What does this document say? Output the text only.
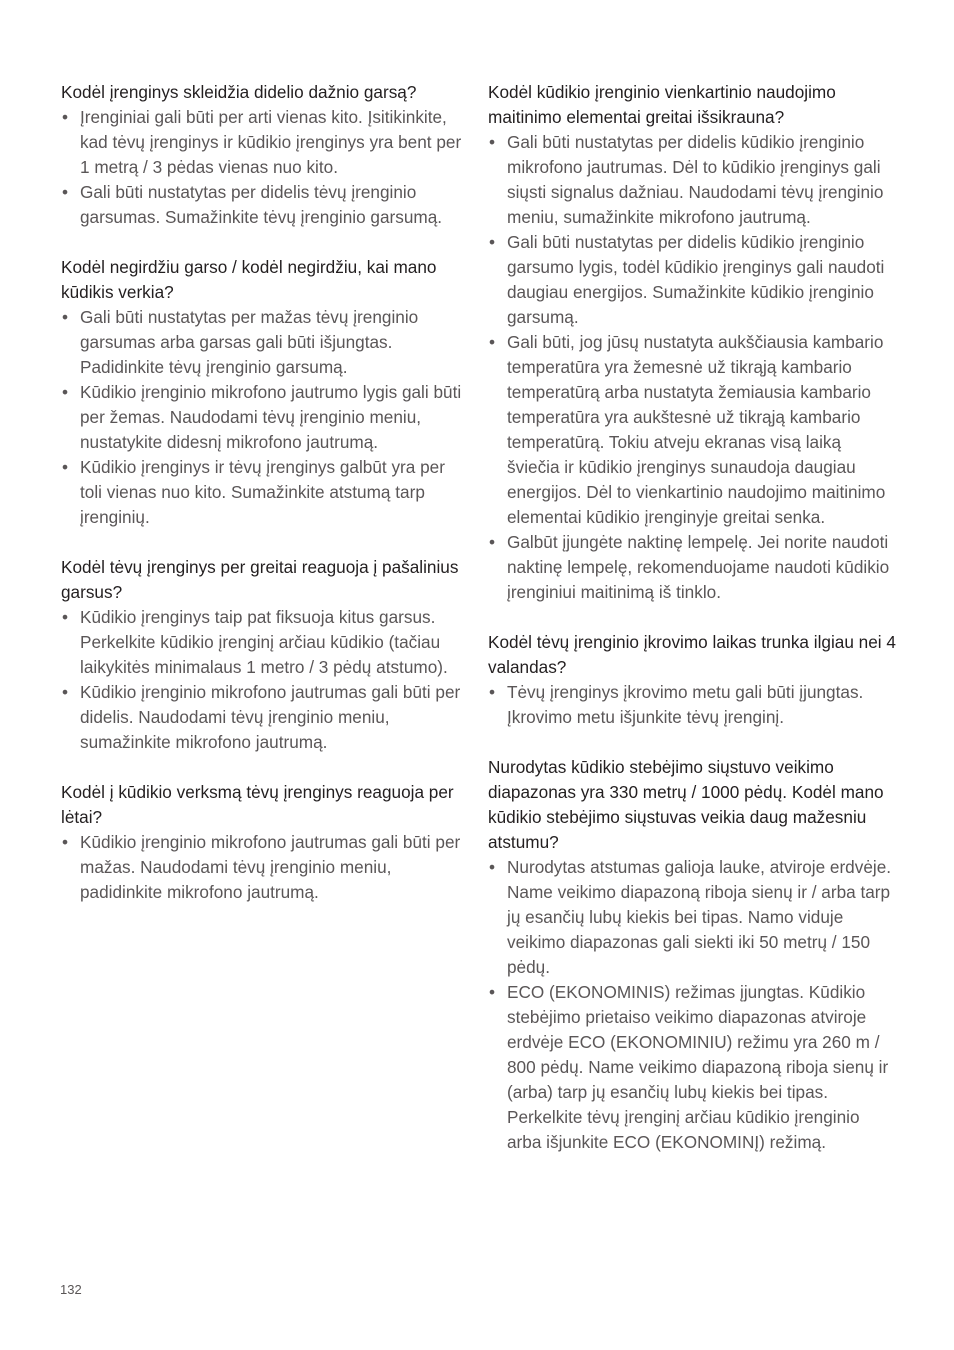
Kodėl įrenginys skleidžia didelio dažnio garsą?
• Įrenginiai gali būti per arti vienas kito. Įsitikinkite, kad tėvų įrenginys ir kūdikio įrenginys yra bent per 1 metrą / 3 pėdas vienas nuo kito.
• Gali būti nustatytas per didelis tėvų įrenginio garsumas. Sumažinkite tėvų įrenginio garsumą.
Kodėl negirdžiu garso / kodėl negirdžiu, kai mano kūdikis verkia?
• Gali būti nustatytas per mažas tėvų įrenginio garsumas arba garsas gali būti išjungtas. Padidinkite tėvų įrenginio garsumą.
• Kūdikio įrenginio mikrofono jautrumo lygis gali būti per žemas. Naudodami tėvų įrenginio meniu, nustatykite didesnį mikrofono jautrumą.
• Kūdikio įrenginys ir tėvų įrenginys galbūt yra per toli vienas nuo kito. Sumažinkite atstumą tarp įrenginių.
Kodėl tėvų įrenginys per greitai reaguoja į pašalinius garsus?
• Kūdikio įrenginys taip pat fiksuoja kitus garsus. Perkelkite kūdikio įrenginį arčiau kūdikio (tačiau laikykitės minimalaus 1 metro / 3 pėdų atstumo).
• Kūdikio įrenginio mikrofono jautrumas gali būti per didelis. Naudodami tėvų įrenginio meniu, sumažinkite mikrofono jautrumą.
Kodėl į kūdikio verksmą tėvų įrenginys reaguoja per lėtai?
• Kūdikio įrenginio mikrofono jautrumas gali būti per mažas. Naudodami tėvų įrenginio meniu, padidinkite mikrofono jautrumą.
Kodėl kūdikio įrenginio vienkartinio naudojimo maitinimo elementai greitai išsikrauna?
• Gali būti nustatytas per didelis kūdikio įrenginio mikrofono jautrumas. Dėl to kūdikio įrenginys gali siųsti signalus dažniau. Naudodami tėvų įrenginio meniu, sumažinkite mikrofono jautrumą.
• Gali būti nustatytas per didelis kūdikio įrenginio garsumo lygis, todėl kūdikio įrenginys gali naudoti daugiau energijos. Sumažinkite kūdikio įrenginio garsumą.
• Gali būti, jog jūsų nustatyta aukščiausia kambario temperatūra yra žemesnė už tikrąją kambario temperatūrą arba nustatyta žemiausia kambario temperatūra yra aukštesnė už tikrąją kambario temperatūrą. Tokiu atveju ekranas visą laiką šviečia ir kūdikio įrenginys sunaudoja daugiau energijos. Dėl to vienkartinio naudojimo maitinimo elementai kūdikio įrenginyje greitai senka.
• Galbūt įjungėte naktinę lempelę. Jei norite naudoti naktinę lempelę, rekomenduojame naudoti kūdikio įrenginiui maitinimą iš tinklo.
Kodėl tėvų įrenginio įkrovimo laikas trunka ilgiau nei 4 valandas?
• Tėvų įrenginys įkrovimo metu gali būti įjungtas. Įkrovimo metu išjunkite tėvų įrenginį.
Nurodytas kūdikio stebėjimo siųstuvo veikimo diapazonas yra 330 metrų / 1000 pėdų. Kodėl mano kūdikio stebėjimo siųstuvas veikia daug mažesniu atstumu?
• Nurodytas atstumas galioja lauke, atviroje erdvėje. Name veikimo diapazoną riboja sienų ir / arba tarp jų esančių lubų kiekis bei tipas. Namo viduje veikimo diapazonas gali siekti iki 50 metrų / 150 pėdų.
• ECO (EKONOMINIS) režimas įjungtas. Kūdikio stebėjimo prietaiso veikimo diapazonas atviroje erdvėje ECO (EKONOMINIU) režimu yra 260 m / 800 pėdų. Name veikimo diapazoną riboja sienų ir (arba) tarp jų esančių lubų kiekis bei tipas. Perkelkite tėvų įrenginį arčiau kūdikio įrenginio arba išjunkite ECO (EKONOMINĮ) režimą.
132
